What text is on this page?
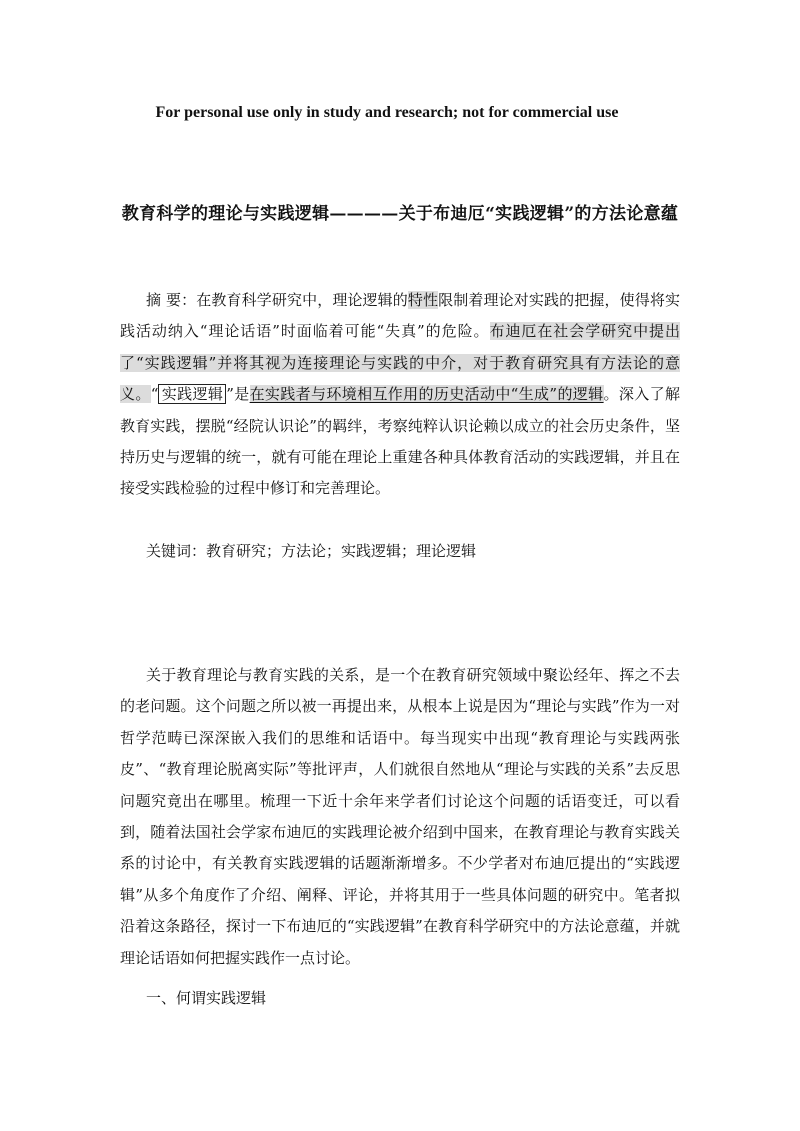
For personal use only in study and research; not for commercial use
教育科学的理论与实践逻辑————关于布迪厄“实践逻辑”的方法论意蕴
摘 要：在教育科学研究中，理论逻辑的特性限制着理论对实践的把握，使得将实践活动纳入“理论话语”时面临着可能“失真”的危险。布迪厄在社会学研究中提出了“实践逻辑”并将其视为连接理论与实践的中介，对于教育研究具有方法论的意义。“ 实践逻辑 ”是在实践者与环境相互作用的历史活动中“生成”的逻辑。深入了解教育实践，摆脱“经院认识论”的羁绊，考察纯粹认识论赖以成立的社会历史条件，坚持历史与逻辑的统一，就有可能在理论上重建各种具体教育活动的实践逻辑，并且在接受实践检验的过程中修订和完善理论。
关键词：教育研究；方法论；实践逻辑；理论逻辑
关于教育理论与教育实践的关系，是一个在教育研究领域中聚讼经年、挥之不去的老问题。这个问题之所以被一再提出来，从根本上说是因为“理论与实践”作为一对哲学范畴已深深嵌入我们的思维和话语中。每当现实中出现“教育理论与实践两张皮”、“教育理论脱离实际”等批评声，人们就很自然地从“理论与实践的关系”去反思问题究竟出在哪里。梳理一下近十余年来学者们讨论这个问题的话语变迁，可以看到，随着法国社会学家布迪厄的实践理论被介绍到中国来，在教育理论与教育实践关系的讨论中，有关教育实践逻辑的话题渐渐增多。不少学者对布迪厄提出的“实践逻辑”从多个角度作了介绍、阐释、评论，并将其用于一些具体问题的研究中。笔者拟沿着这条路径，探讨一下布迪厄的“实践逻辑”在教育科学研究中的方法论意蕴，并就理论话语如何把握实践作一点讨论。
一、何谓实践逻辑
